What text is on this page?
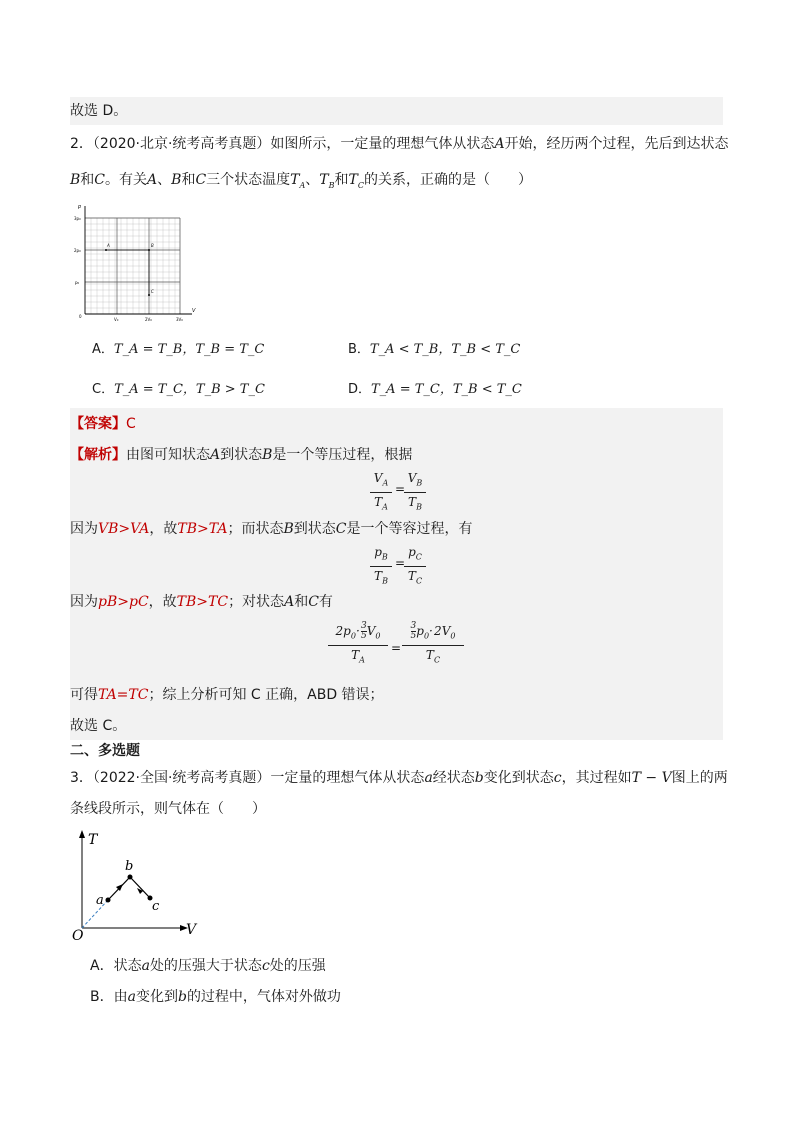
故选 D。
2．（2020·北京·统考高考真题）如图所示，一定量的理想气体从状态A开始，经历两个过程，先后到达状态
B和C。有关A、B和C三个状态温度$T_A$、$T_B$和$T_C$的关系，正确的是（　　）
p
V
3p₀
2p₀
p₀
0
V₀	2V₀	3V₀
A	B
C
A．T_A = T_B，T_B = T_C	B．T_A < T_B，T_B < T_C
C．T_A = T_C，T_B > T_C	D．T_A = T_C，T_B < T_C
【答案】C
【解析】由图可知状态A到状态B是一个等压过程，根据
$V_A$
$T_A$
=
$V_B$
$T_B$
因为VB>VA，故TB>TA；而状态B到状态C是一个等容过程，有
$p_B$
$T_B$
=
$p_C$
$T_C$
因为pB>pC，故TB>TC；对状态A和C有
$2p_0\cdot$  $\frac{3}{5} V_0$
$T_A$
=
$\frac{3}{5} p_0\cdot$ $2V_0$
$T_C$
可得TA=TC；综上分析可知 C 正确，ABD 错误；
故选 C。
二、多选题
3．（2022·全国·统考高考真题）一定量的理想气体从状态a经状态b变化到状态c，其过程如T − V图上的两
条线段所示，则气体在（　　）
T
V
O
a
b
c
A．状态a处的压强大于状态c处的压强
B．由a变化到b的过程中，气体对外做功
